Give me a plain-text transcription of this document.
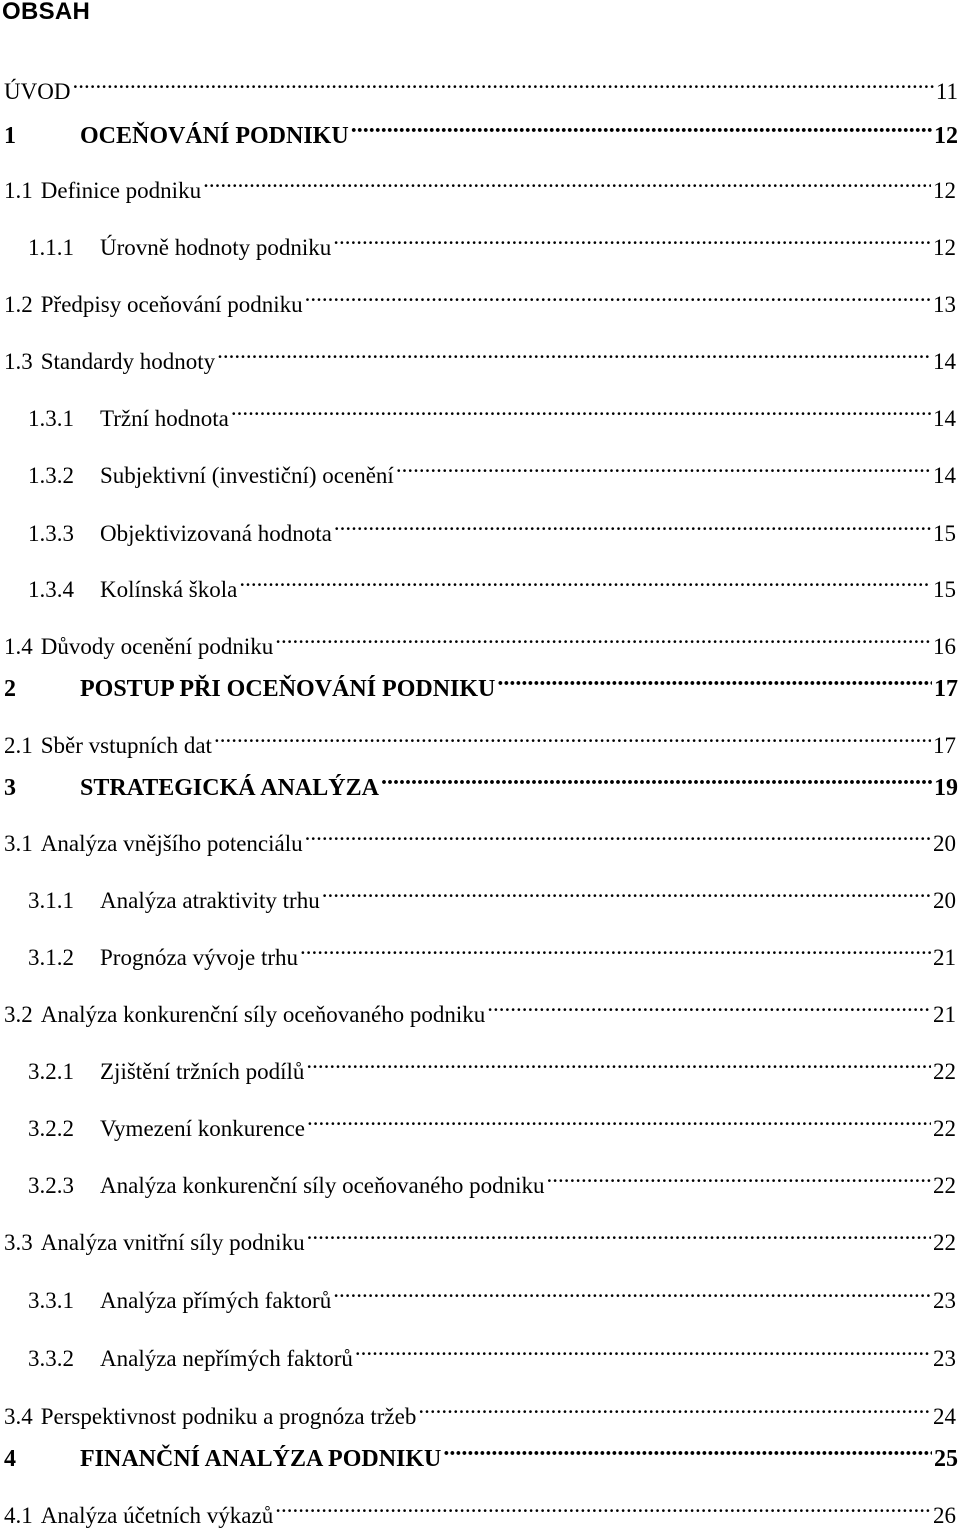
OBSAH
ÚVOD .....	11
1	OCEŇOVÁNÍ PODNIKU .....	12
1.1 Definice podniku .....	12
1.1.1	Úrovně hodnoty podniku .....	12
1.2 Předpisy oceňování podniku .....	13
1.3 Standardy hodnoty .....	14
1.3.1	Tržní hodnota .....	14
1.3.2	Subjektivní (investiční) ocenění .....	14
1.3.3	Objektivizovaná hodnota .....	15
1.3.4	Kolínská škola .....	15
1.4 Důvody ocenění podniku .....	16
2	POSTUP PŘI OCEŇOVÁNÍ PODNIKU .....	17
2.1 Sběr vstupních dat .....	17
3	STRATEGICKÁ ANALÝZA .....	19
3.1 Analýza vnějšího potenciálu .....	20
3.1.1	Analýza atraktivity trhu .....	20
3.1.2	Prognóza vývoje trhu .....	21
3.2 Analýza konkurenční síly oceňovaného podniku .....	21
3.2.1	Zjištění tržních podílů .....	22
3.2.2	Vymezení konkurence .....	22
3.2.3	Analýza konkurenční síly oceňovaného podniku .....	22
3.3 Analýza vnitřní síly podniku .....	22
3.3.1	Analýza přímých faktorů .....	23
3.3.2	Analýza nepřímých faktorů .....	23
3.4 Perspektivnost podniku a prognóza tržeb .....	24
4	FINANČNÍ ANALÝZA PODNIKU .....	25
4.1 Analýza účetních výkazů .....	26
